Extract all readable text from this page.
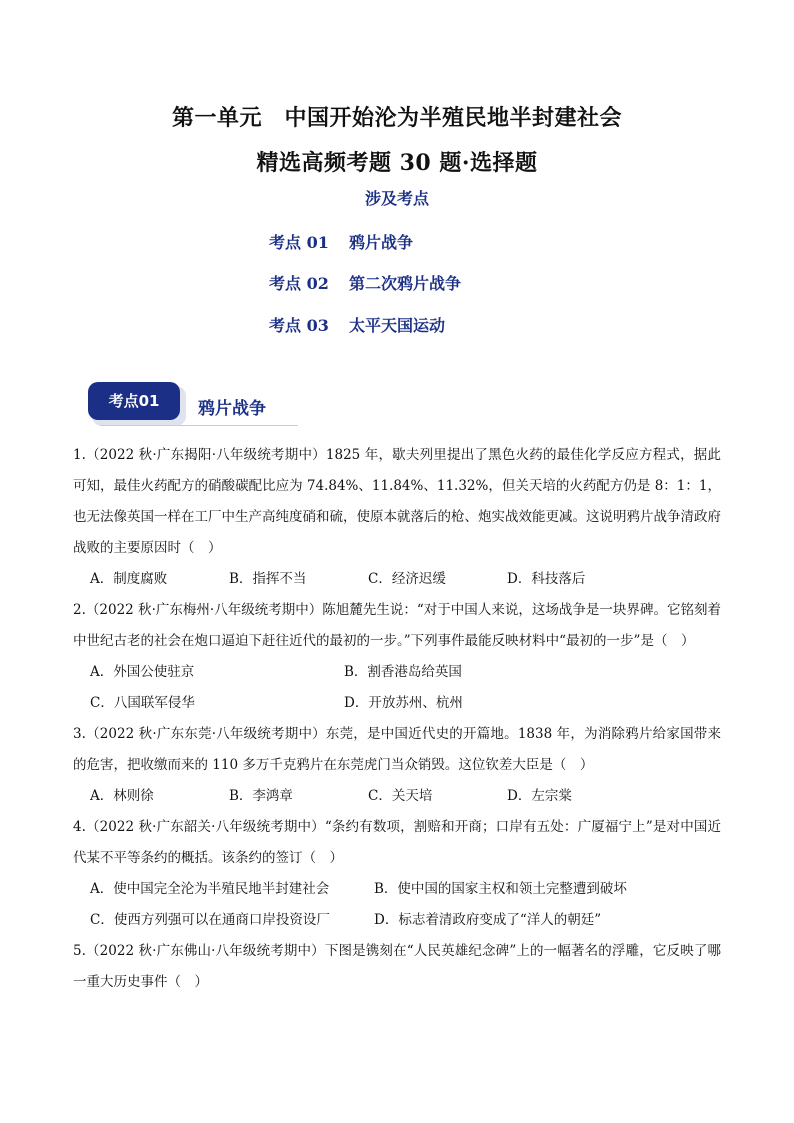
第一单元　中国开始沦为半殖民地半封建社会
精选高频考题 30 题·选择题
涉及考点
考点 01 鸦片战争
考点 02 第二次鸦片战争
考点 03 太平天国运动
考点01	鸦片战争

1.（2022 秋·广东揭阳·八年级统考期中）1825 年，歇夫列里提出了黑色火药的最佳化学反应方程式，据此可知，最佳火药配方的硝酸碳配比应为 74.84%、11.84%、11.32%，但关天培的火药配方仍是 8：1：1，也无法像英国一样在工厂中生产高纯度硝和硫，使原本就落后的枪、炮实战效能更减。这说明鸦片战争清政府战败的主要原因时（　）

A．制度腐败	B．指挥不当	C．经济迟缓	D．科技落后

2.（2022 秋·广东梅州·八年级统考期中）陈旭麓先生说：“对于中国人来说，这场战争是一块界碑。它铭刻着中世纪古老的社会在炮口逼迫下赶往近代的最初的一步。”下列事件最能反映材料中“最初的一步”是（　）

A．外国公使驻京	B．割香港岛给英国
C．八国联军侵华	D．开放苏州、杭州

3.（2022 秋·广东东莞·八年级统考期中）东莞，是中国近代史的开篇地。1838 年，为消除鸦片给家国带来的危害，把收缴而来的 110 多万千克鸦片在东莞虎门当众销毁。这位钦差大臣是（　）

A．林则徐	B．李鸿章	C．关天培	D．左宗棠

4.（2022 秋·广东韶关·八年级统考期中）“条约有数项，割赔和开商；口岸有五处：广厦福宁上”是对中国近代某不平等条约的概括。该条约的签订（　）

A．使中国完全沦为半殖民地半封建社会	B．使中国的国家主权和领土完整遭到破坏
C．使西方列强可以在通商口岸投资设厂	D．标志着清政府变成了“洋人的朝廷”

5.（2022 秋·广东佛山·八年级统考期中）下图是镌刻在“人民英雄纪念碑”上的一幅著名的浮雕，它反映了哪一重大历史事件（　）
